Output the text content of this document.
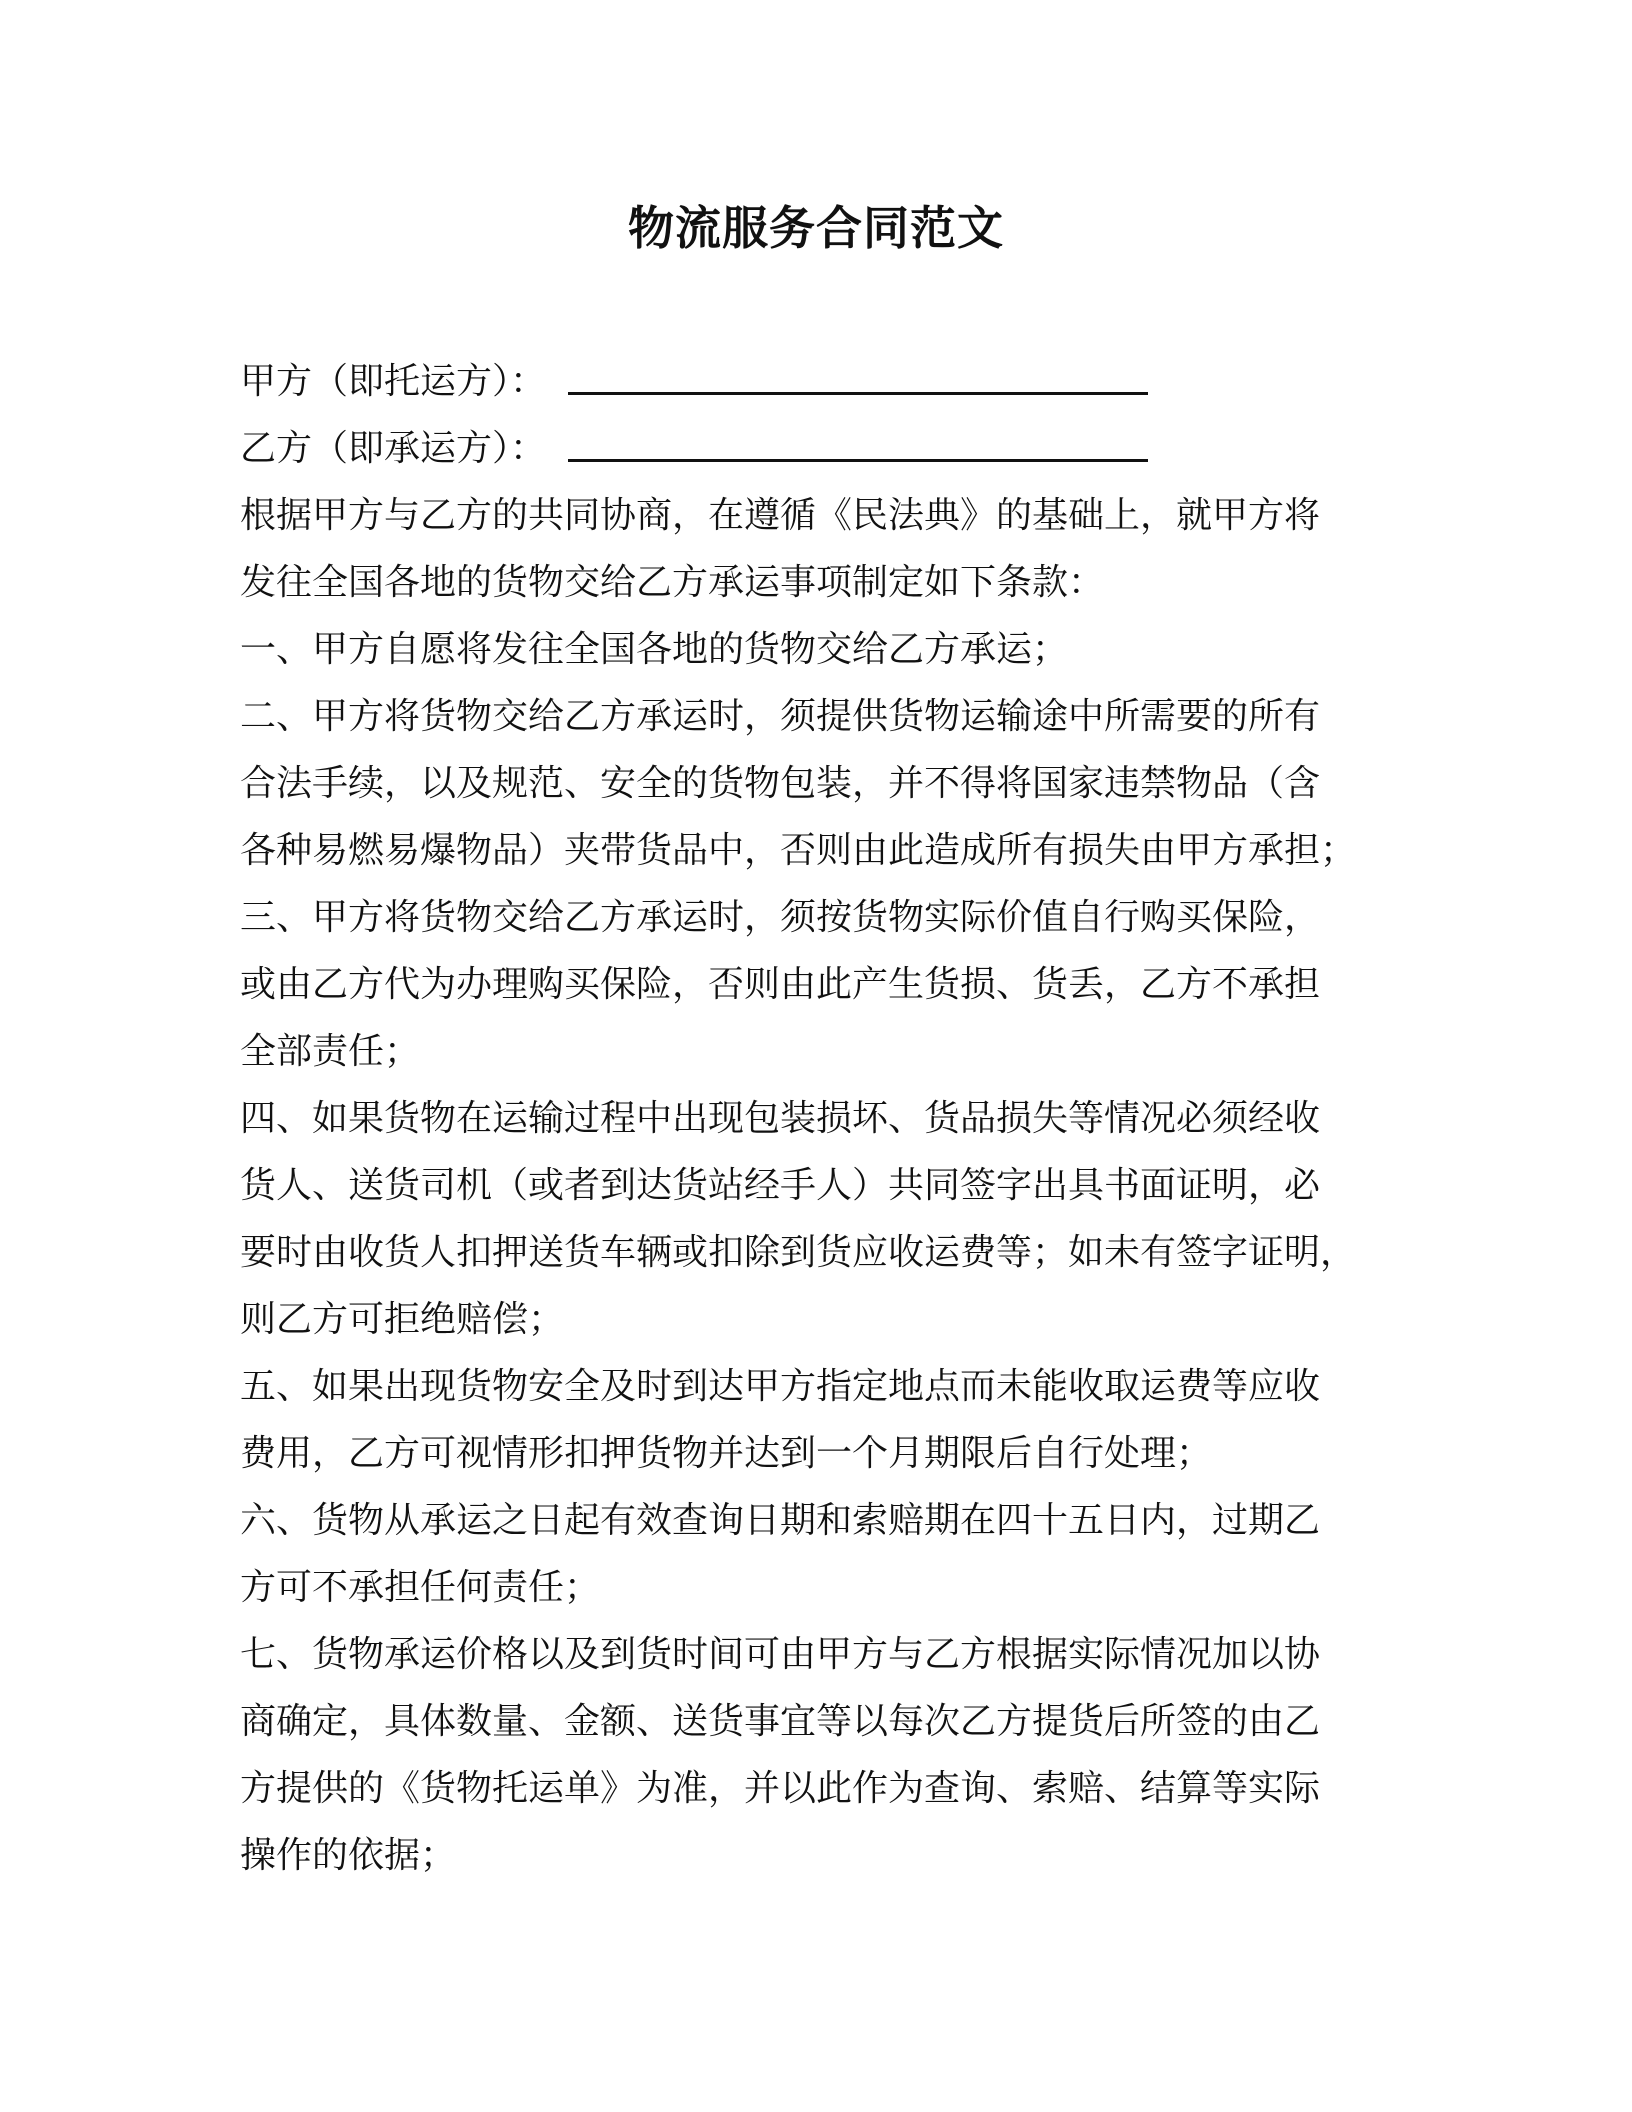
物流服务合同范文
甲方（即托运方）：
乙方（即承运方）：
根据甲方与乙方的共同协商，在遵循《民法典》的基础上，就甲方将
发往全国各地的货物交给乙方承运事项制定如下条款：
一、甲方自愿将发往全国各地的货物交给乙方承运；
二、甲方将货物交给乙方承运时，须提供货物运输途中所需要的所有
合法手续，以及规范、安全的货物包装，并不得将国家违禁物品（含
各种易燃易爆物品）夹带货品中，否则由此造成所有损失由甲方承担；
三、甲方将货物交给乙方承运时，须按货物实际价值自行购买保险，
或由乙方代为办理购买保险，否则由此产生货损、货丢，乙方不承担
全部责任；
四、如果货物在运输过程中出现包装损坏、货品损失等情况必须经收
货人、送货司机（或者到达货站经手人）共同签字出具书面证明，必
要时由收货人扣押送货车辆或扣除到货应收运费等；如未有签字证明，
则乙方可拒绝赔偿；
五、如果出现货物安全及时到达甲方指定地点而未能收取运费等应收
费用，乙方可视情形扣押货物并达到一个月期限后自行处理；
六、货物从承运之日起有效查询日期和索赔期在四十五日内，过期乙
方可不承担任何责任；
七、货物承运价格以及到货时间可由甲方与乙方根据实际情况加以协
商确定，具体数量、金额、送货事宜等以每次乙方提货后所签的由乙
方提供的《货物托运单》为准，并以此作为查询、索赔、结算等实际
操作的依据；
